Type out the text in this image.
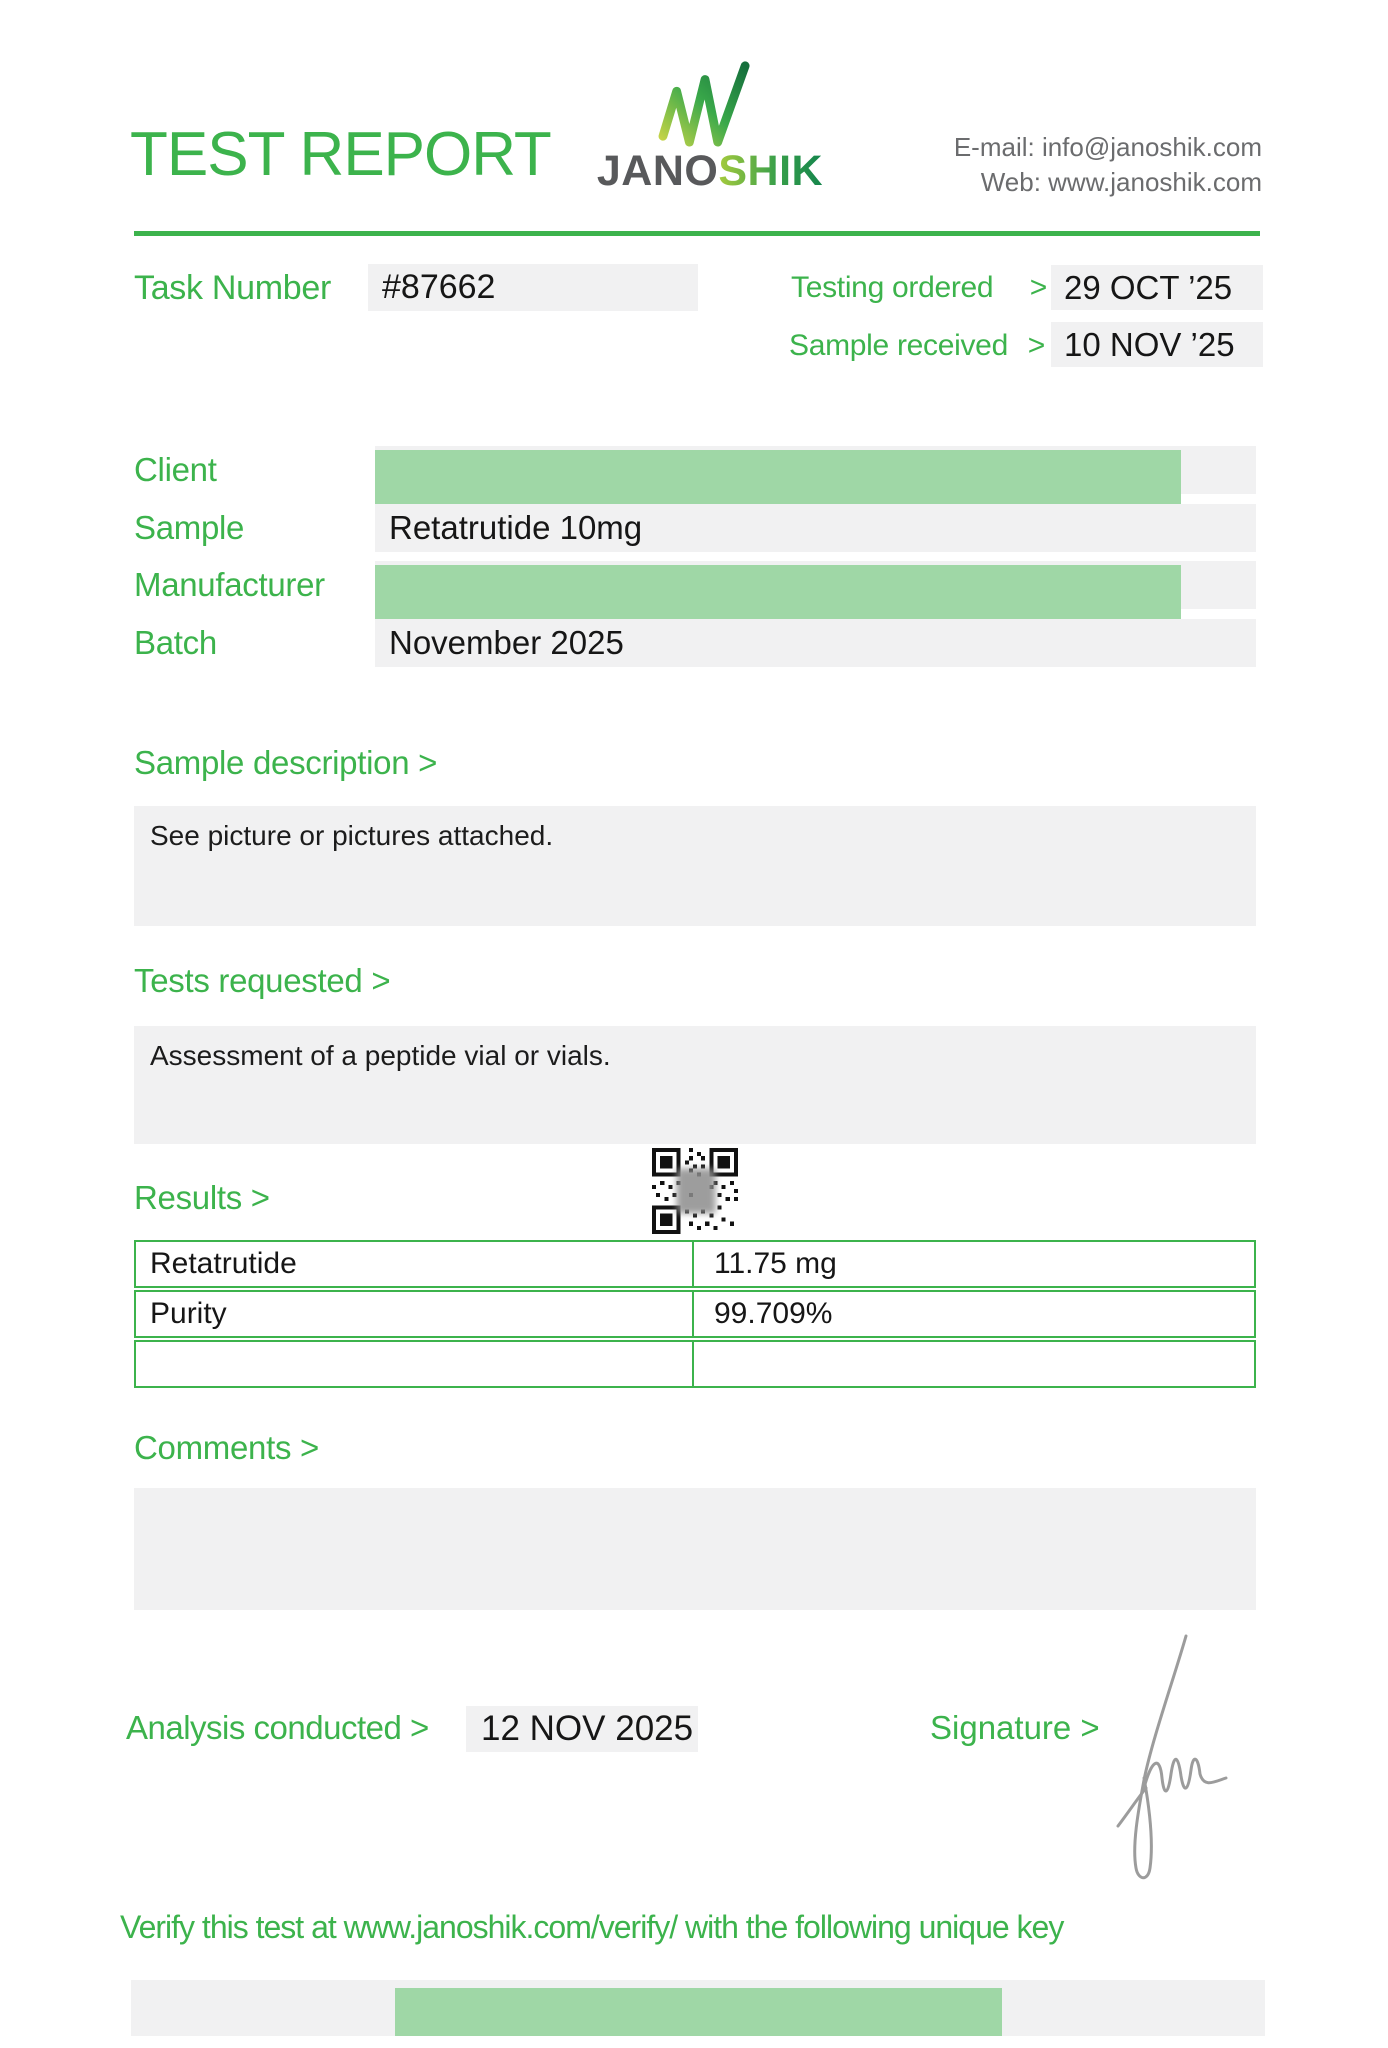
TEST REPORT JANOSHIK	E-mail: info@janoshik.com
Web: www.janoshik.com
Task Number	#87662	Testing ordered > 29 OCT ’25
Sample received > 10 NOV ’25
Client
Sample	Retatrutide 10mg
Manufacturer
Batch	November 2025
Sample description >
See picture or pictures attached.
Tests requested >
Assessment of a peptide vial or vials.
Results >
Retatrutide	11.75 mg
Purity	99.709%
Comments >
Analysis conducted >	12 NOV 2025	Signature >
Verify this test at www.janoshik.com/verify/ with the following unique key
